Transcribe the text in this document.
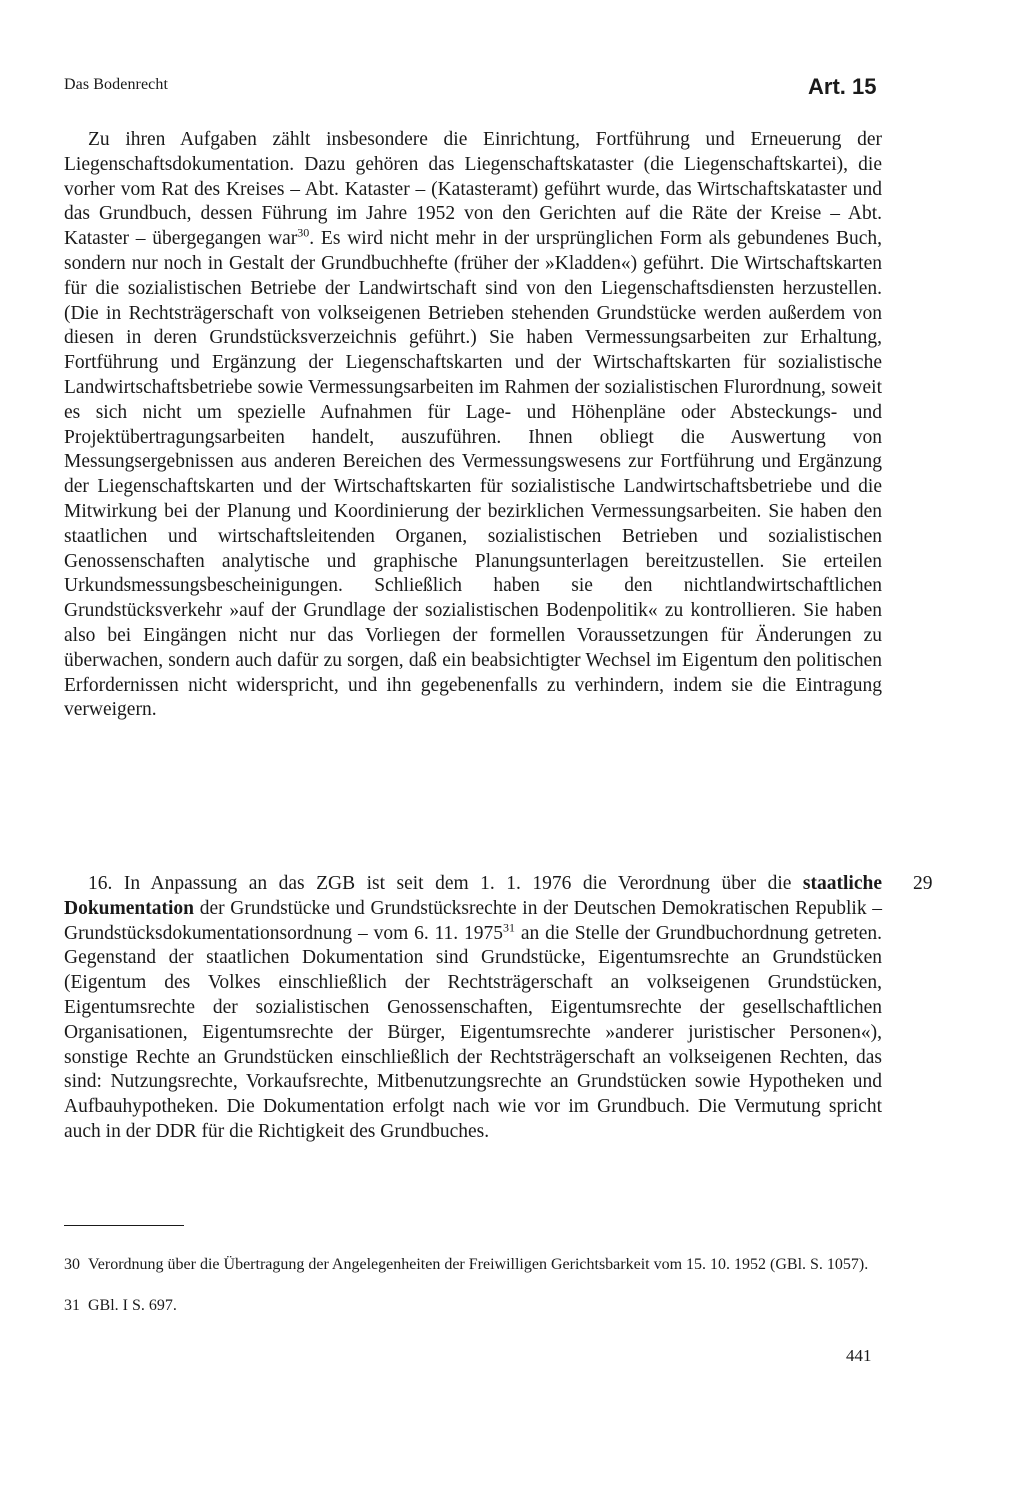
Das Bodenrecht	Art. 15

Zu ihren Aufgaben zählt insbesondere die Einrichtung, Fortführung und Erneuerung der Liegenschaftsdokumentation. Dazu gehören das Liegenschaftskataster (die Liegenschaftskartei), die vorher vom Rat des Kreises – Abt. Kataster – (Katasteramt) geführt wurde, das Wirtschaftskataster und das Grundbuch, dessen Führung im Jahre 1952 von den Gerichten auf die Räte der Kreise – Abt. Kataster – übergegangen war$^{30}$. Es wird nicht mehr in der ursprünglichen Form als gebundenes Buch, sondern nur noch in Gestalt der Grundbuchhefte (früher der »Kladden«) geführt. Die Wirtschaftskarten für die sozialistischen Betriebe der Landwirtschaft sind von den Liegenschaftsdiensten herzustellen. (Die in Rechtsträgerschaft von volkseigenen Betrieben stehenden Grundstücke werden außerdem von diesen in deren Grundstücksverzeichnis geführt.) Sie haben Vermessungsarbeiten zur Erhaltung, Fortführung und Ergänzung der Liegenschaftskarten und der Wirtschaftskarten für sozialistische Landwirtschaftsbetriebe sowie Vermessungsarbeiten im Rahmen der sozialistischen Flurordnung, soweit es sich nicht um spezielle Aufnahmen für Lage- und Höhenpläne oder Absteckungs- und Projektübertragungsarbeiten handelt, auszuführen. Ihnen obliegt die Auswertung von Messungsergebnissen aus anderen Bereichen des Vermessungswesens zur Fortführung und Ergänzung der Liegenschaftskarten und der Wirtschaftskarten für sozialistische Landwirtschaftsbetriebe und die Mitwirkung bei der Planung und Koordinierung der bezirklichen Vermessungsarbeiten. Sie haben den staatlichen und wirtschaftsleitenden Organen, sozialistischen Betrieben und sozialistischen Genossenschaften analytische und graphische Planungsunterlagen bereitzustellen. Sie erteilen Urkundsmessungsbescheinigungen. Schließlich haben sie den nichtlandwirtschaftlichen Grundstücksverkehr »auf der Grundlage der sozialistischen Bodenpolitik« zu kontrollieren. Sie haben also bei Eingängen nicht nur das Vorliegen der formellen Voraussetzungen für Änderungen zu überwachen, sondern auch dafür zu sorgen, daß ein beabsichtigter Wechsel im Eigentum den politischen Erfordernissen nicht widerspricht, und ihn gegebenenfalls zu verhindern, indem sie die Eintragung verweigern.

16. In Anpassung an das ZGB ist seit dem 1. 1. 1976 die Verordnung über die staatliche Dokumentation der Grundstücke und Grundstücksrechte in der Deutschen Demokratischen Republik – Grundstücksdokumentationsordnung – vom 6. 11. 1975$^{31}$ an die Stelle der Grundbuchordnung getreten. Gegenstand der staatlichen Dokumentation sind Grundstücke, Eigentumsrechte an Grundstücken (Eigentum des Volkes einschließlich der Rechtsträgerschaft an volkseigenen Grundstücken, Eigentumsrechte der sozialistischen Genossenschaften, Eigentumsrechte der gesellschaftlichen Organisationen, Eigentumsrechte der Bürger, Eigentumsrechte »anderer juristischer Personen«), sonstige Rechte an Grundstücken einschließlich der Rechtsträgerschaft an volkseigenen Rechten, das sind: Nutzungsrechte, Vorkaufsrechte, Mitbenutzungsrechte an Grundstücken sowie Hypotheken und Aufbauhypotheken. Die Dokumentation erfolgt nach wie vor im Grundbuch. Die Vermutung spricht auch in der DDR für die Richtigkeit des Grundbuches.

29
30 Verordnung über die Übertragung der Angelegenheiten der Freiwilligen Gerichtsbarkeit vom 15. 10. 1952 (GBl. S. 1057).
31 GBl. I S. 697.
441
